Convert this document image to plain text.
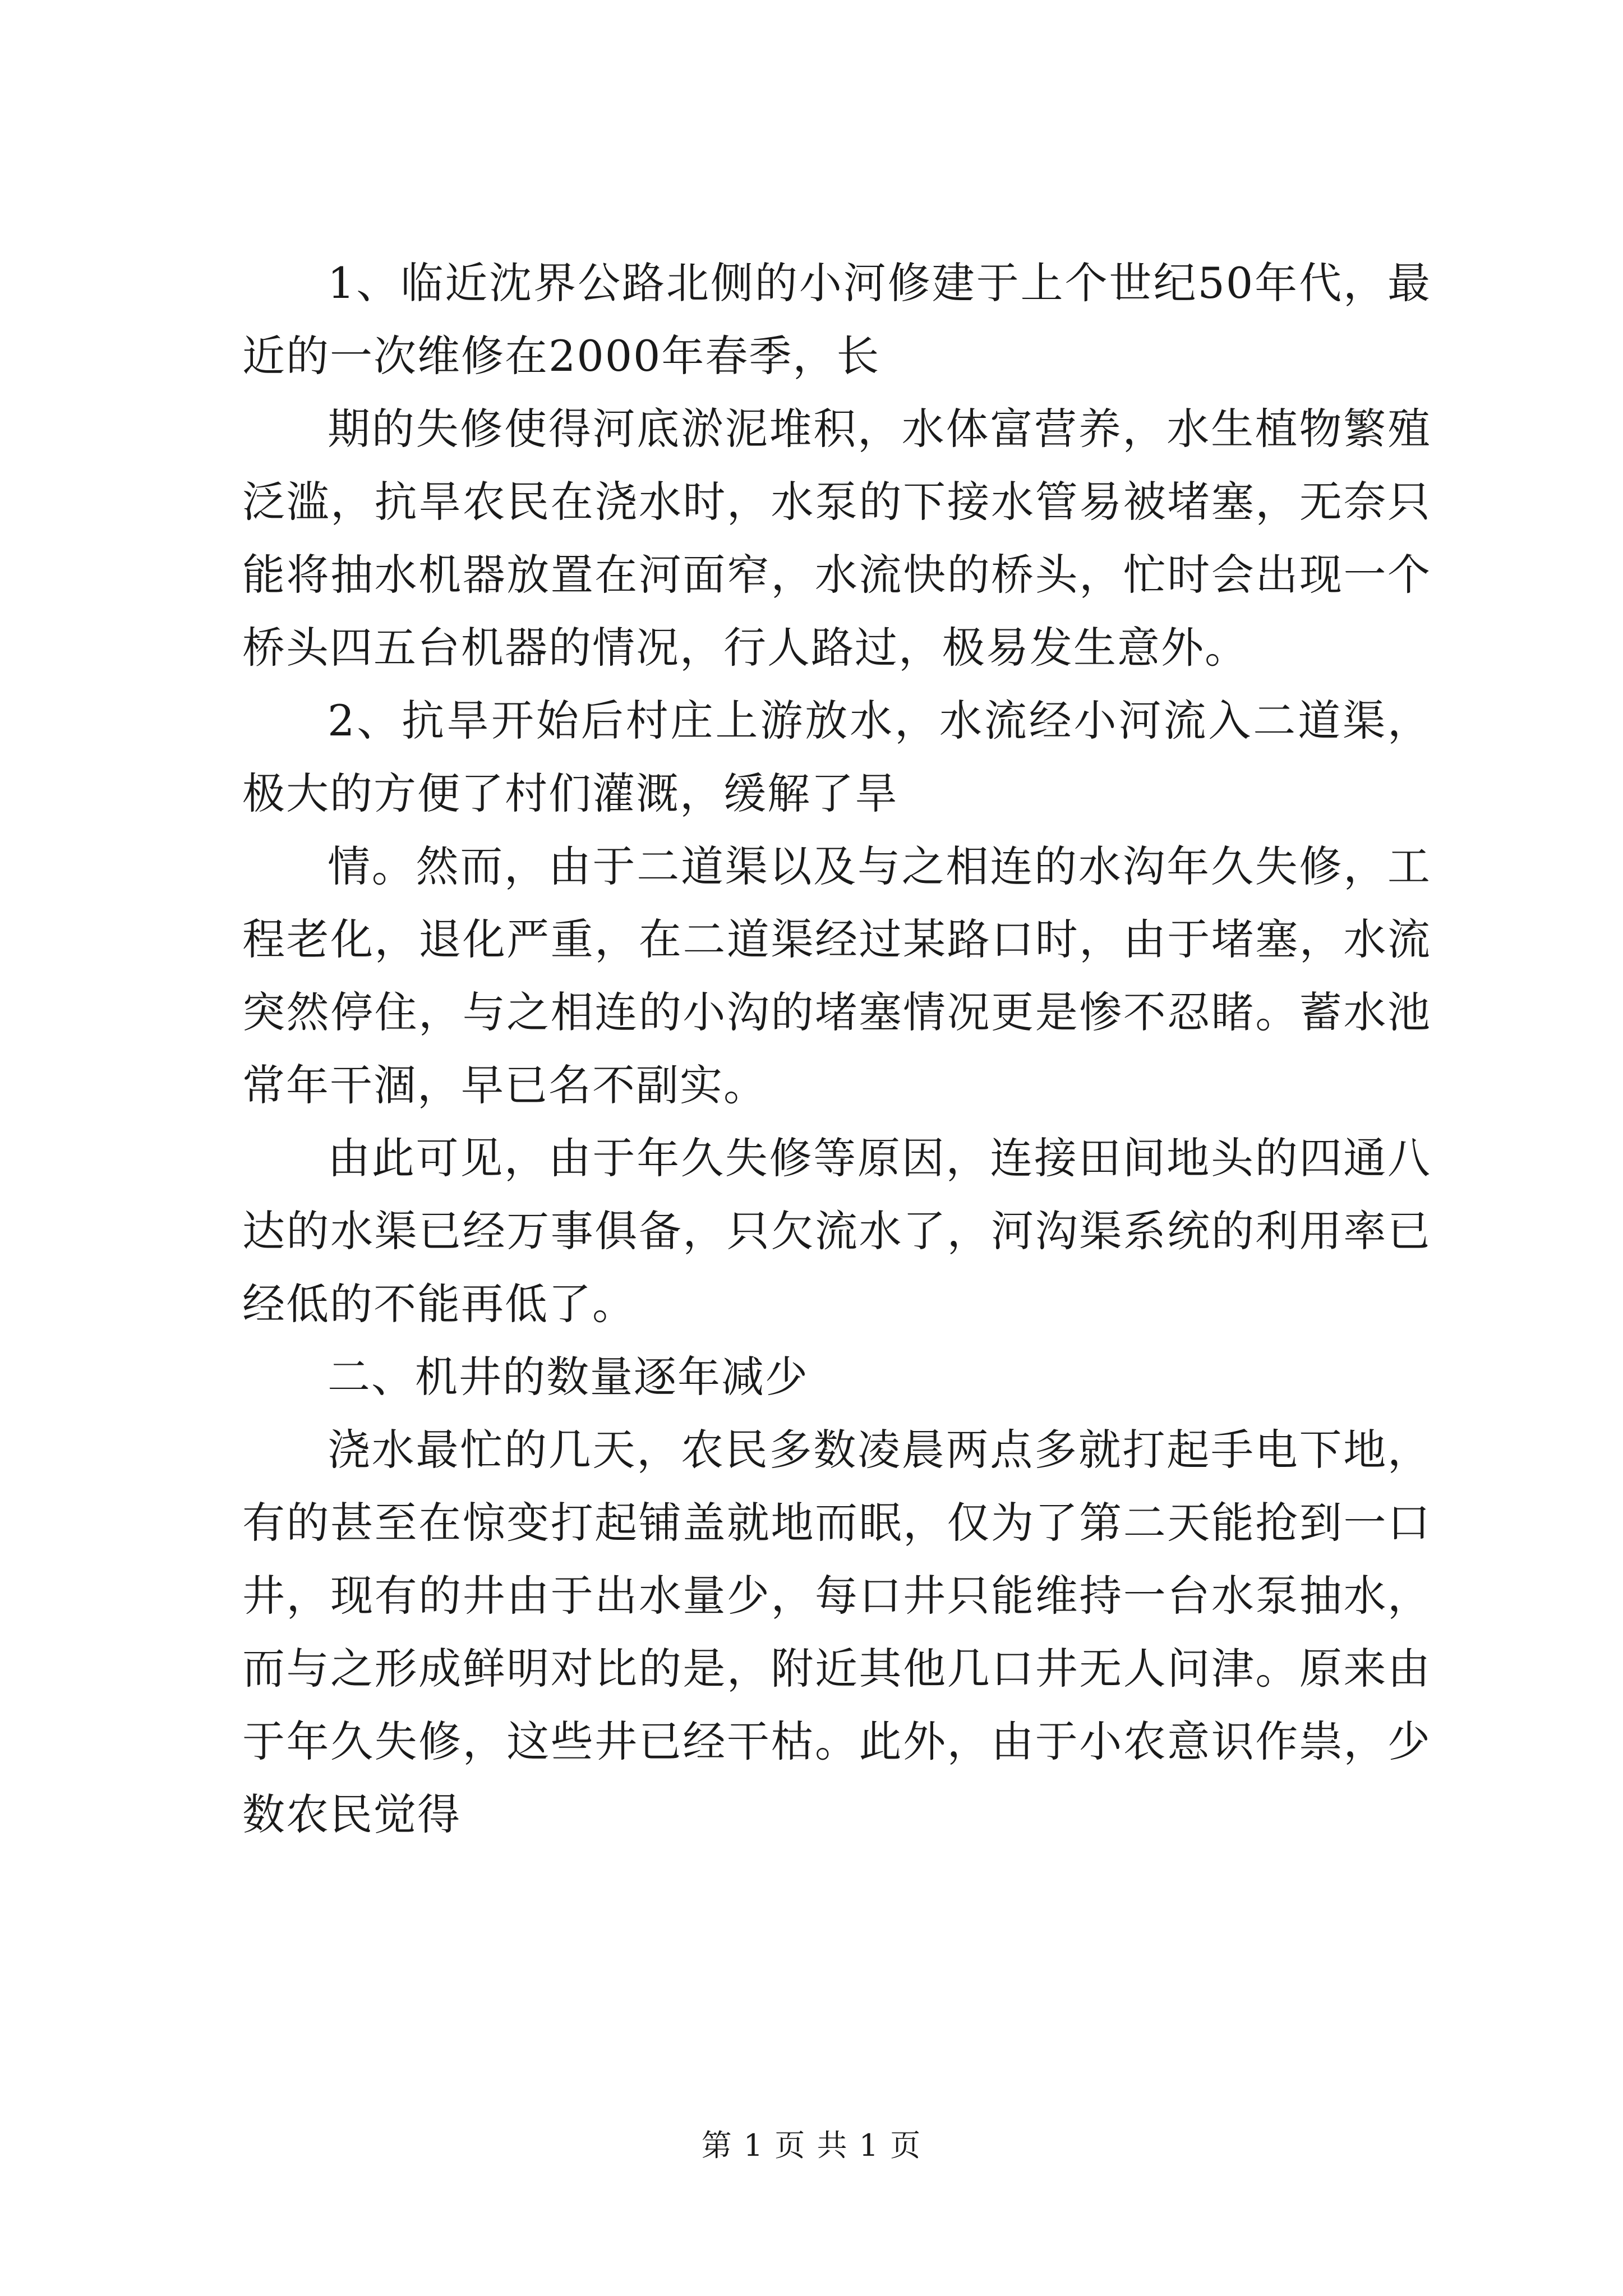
1、临近沈界公路北侧的小河修建于上个世纪50年代，最近的一次维修在2000年春季，长

期的失修使得河底淤泥堆积，水体富营养，水生植物繁殖泛滥，抗旱农民在浇水时，水泵的下接水管易被堵塞，无奈只能将抽水机器放置在河面窄，水流快的桥头，忙时会出现一个桥头四五台机器的情况，行人路过，极易发生意外。

2、抗旱开始后村庄上游放水，水流经小河流入二道渠，极大的方便了村们灌溉，缓解了旱

情。然而，由于二道渠以及与之相连的水沟年久失修，工程老化，退化严重，在二道渠经过某路口时，由于堵塞，水流突然停住，与之相连的小沟的堵塞情况更是惨不忍睹。蓄水池常年干涸，早已名不副实。

由此可见，由于年久失修等原因，连接田间地头的四通八达的水渠已经万事俱备，只欠流水了，河沟渠系统的利用率已经低的不能再低了。

二、机井的数量逐年减少

浇水最忙的几天，农民多数凌晨两点多就打起手电下地，有的甚至在惊变打起铺盖就地而眠，仅为了第二天能抢到一口井，现有的井由于出水量少，每口井只能维持一台水泵抽水，而与之形成鲜明对比的是，附近其他几口井无人问津。原来由于年久失修，这些井已经干枯。此外，由于小农意识作祟，少数农民觉得

第 1 页 共 1 页
